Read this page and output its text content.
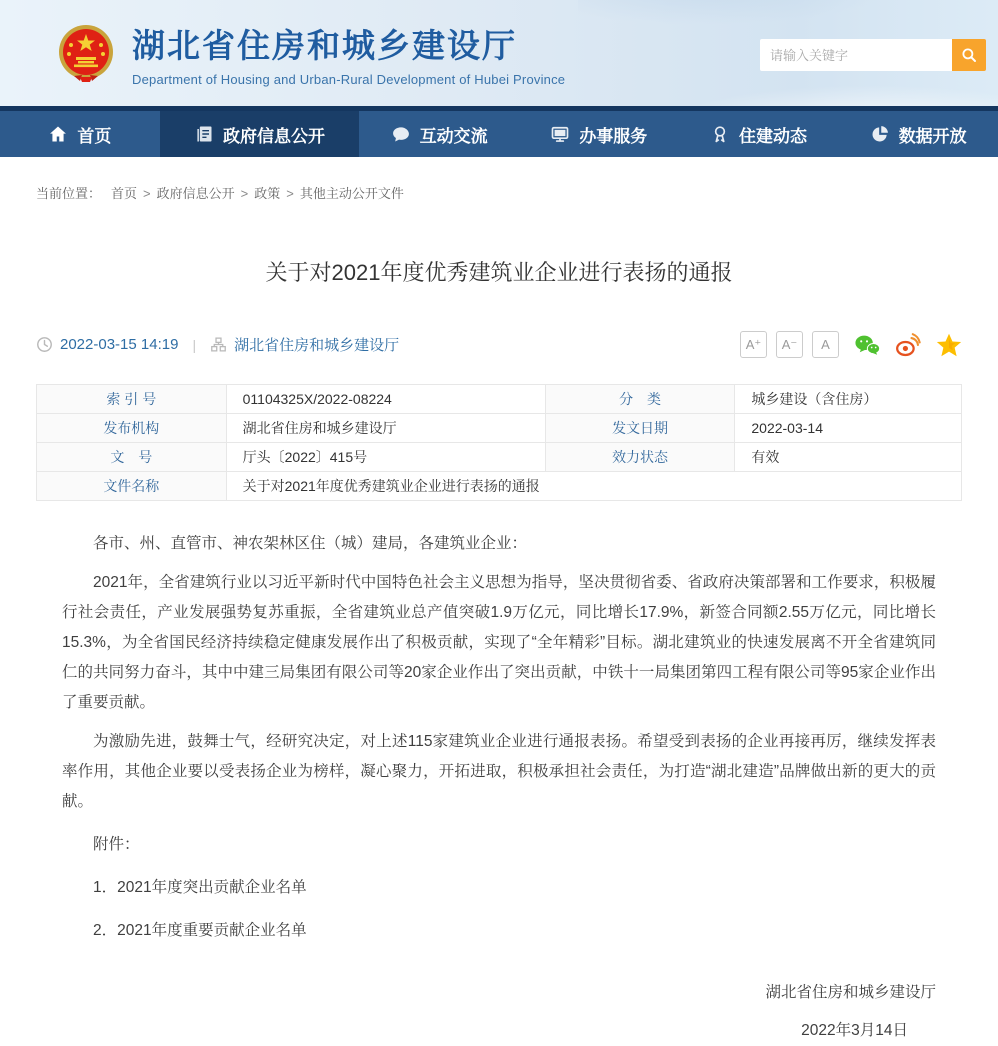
湖北省住房和城乡建设厅
Department of Housing and Urban-Rural Development of Hubei Province
请输入关键字
首页	政府信息公开	互动交流	办事服务	住建动态	数据开放
当前位置： 首页 > 政府信息公开 > 政策 > 其他主动公开文件
关于对2021年度优秀建筑业企业进行表扬的通报
2022-03-15 14:19 |	湖北省住房和城乡建设厅	A⁺	A⁻	A
索 引 号	01104325X/2022-08224	分　类	城乡建设（含住房）
发布机构	湖北省住房和城乡建设厅	发文日期	2022-03-14
文　号	厅头〔2022〕415号	效力状态	有效
文件名称	关于对2021年度优秀建筑业企业进行表扬的通报		

各市、州、直管市、神农架林区住（城）建局，各建筑业企业：

2021年，全省建筑行业以习近平新时代中国特色社会主义思想为指导，坚决贯彻省委、省政府决策部署和工作要求，积极履行社会责任，产业发展强势复苏重振，全省建筑业总产值突破1.9万亿元，同比增长17.9%，新签合同额2.55万亿元，同比增长15.3%，为全省国民经济持续稳定健康发展作出了积极贡献，实现了“全年精彩”目标。湖北建筑业的快速发展离不开全省建筑同仁的共同努力奋斗，其中中建三局集团有限公司等20家企业作出了突出贡献，中铁十一局集团第四工程有限公司等95家企业作出了重要贡献。

为激励先进，鼓舞士气，经研究决定，对上述115家建筑业企业进行通报表扬。希望受到表扬的企业再接再厉，继续发挥表率作用，其他企业要以受表扬企业为榜样，凝心聚力，开拓进取，积极承担社会责任，为打造“湖北建造”品牌做出新的更大的贡献。

附件：

1．2021年度突出贡献企业名单

2．2021年度重要贡献企业名单

湖北省住房和城乡建设厅
2022年3月14日
